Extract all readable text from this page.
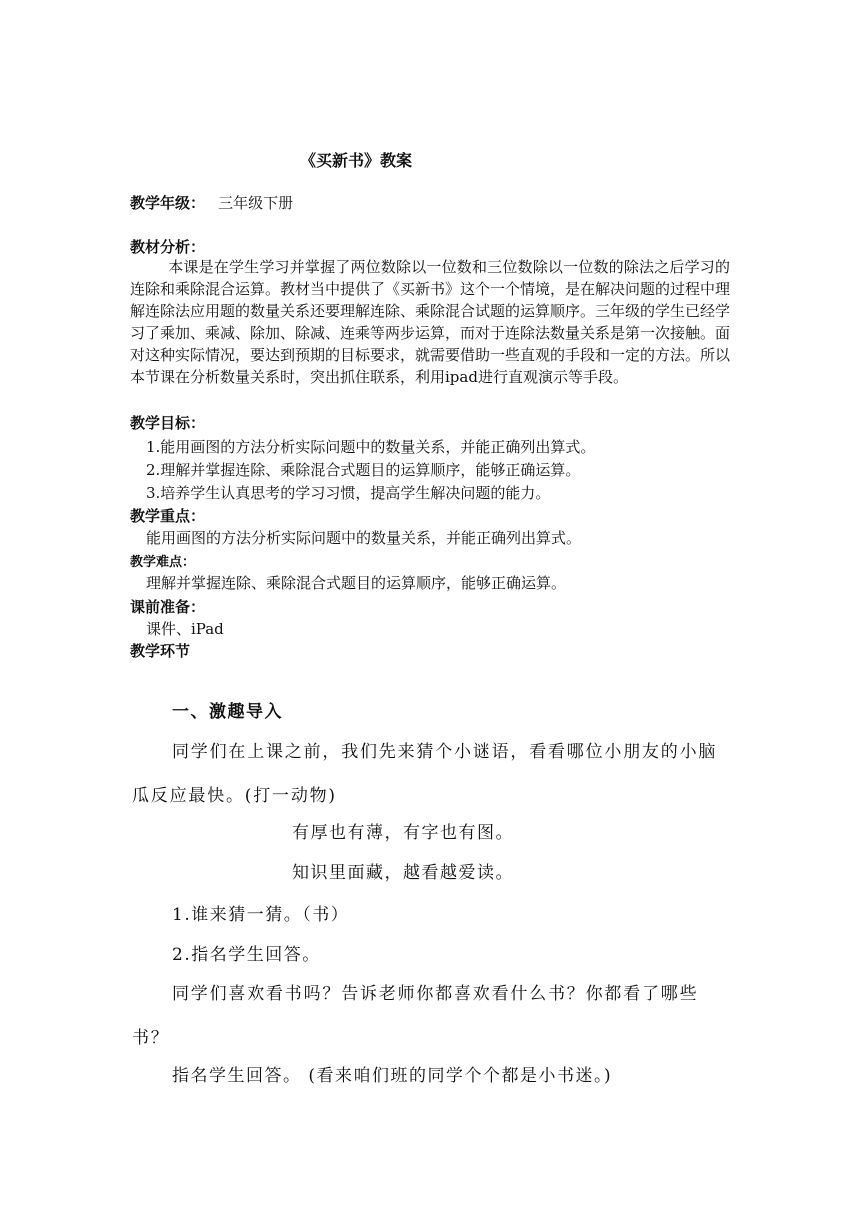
《买新书》教案
教学年级： 三年级下册
教材分析：
本课是在学生学习并掌握了两位数除以一位数和三位数除以一位数的除法之后学习的连除和乘除混合运算。教材当中提供了《买新书》这个一个情境，是在解决问题的过程中理解连除法应用题的数量关系还要理解连除、乘除混合试题的运算顺序。三年级的学生已经学习了乘加、乘减、除加、除减、连乘等两步运算，而对于连除法数量关系是第一次接触。面对这种实际情况，要达到预期的目标要求，就需要借助一些直观的手段和一定的方法。所以本节课在分析数量关系时，突出抓住联系，利用ipad进行直观演示等手段。
教学目标：
1.能用画图的方法分析实际问题中的数量关系，并能正确列出算式。
2.理解并掌握连除、乘除混合式题目的运算顺序，能够正确运算。
3.培养学生认真思考的学习习惯，提高学生解决问题的能力。
教学重点：
能用画图的方法分析实际问题中的数量关系，并能正确列出算式。
教学难点：
理解并掌握连除、乘除混合式题目的运算顺序，能够正确运算。
课前准备：
课件、iPad
教学环节
一、激趣导入
同学们在上课之前，我们先来猜个小谜语，看看哪位小朋友的小脑瓜反应最快。(打一动物)
有厚也有薄，有字也有图。
知识里面藏，越看越爱读。
1.谁来猜一猜。（书）
2.指名学生回答。
同学们喜欢看书吗？告诉老师你都喜欢看什么书？你都看了哪些书？
指名学生回答。 (看来咱们班的同学个个都是小书迷。)
